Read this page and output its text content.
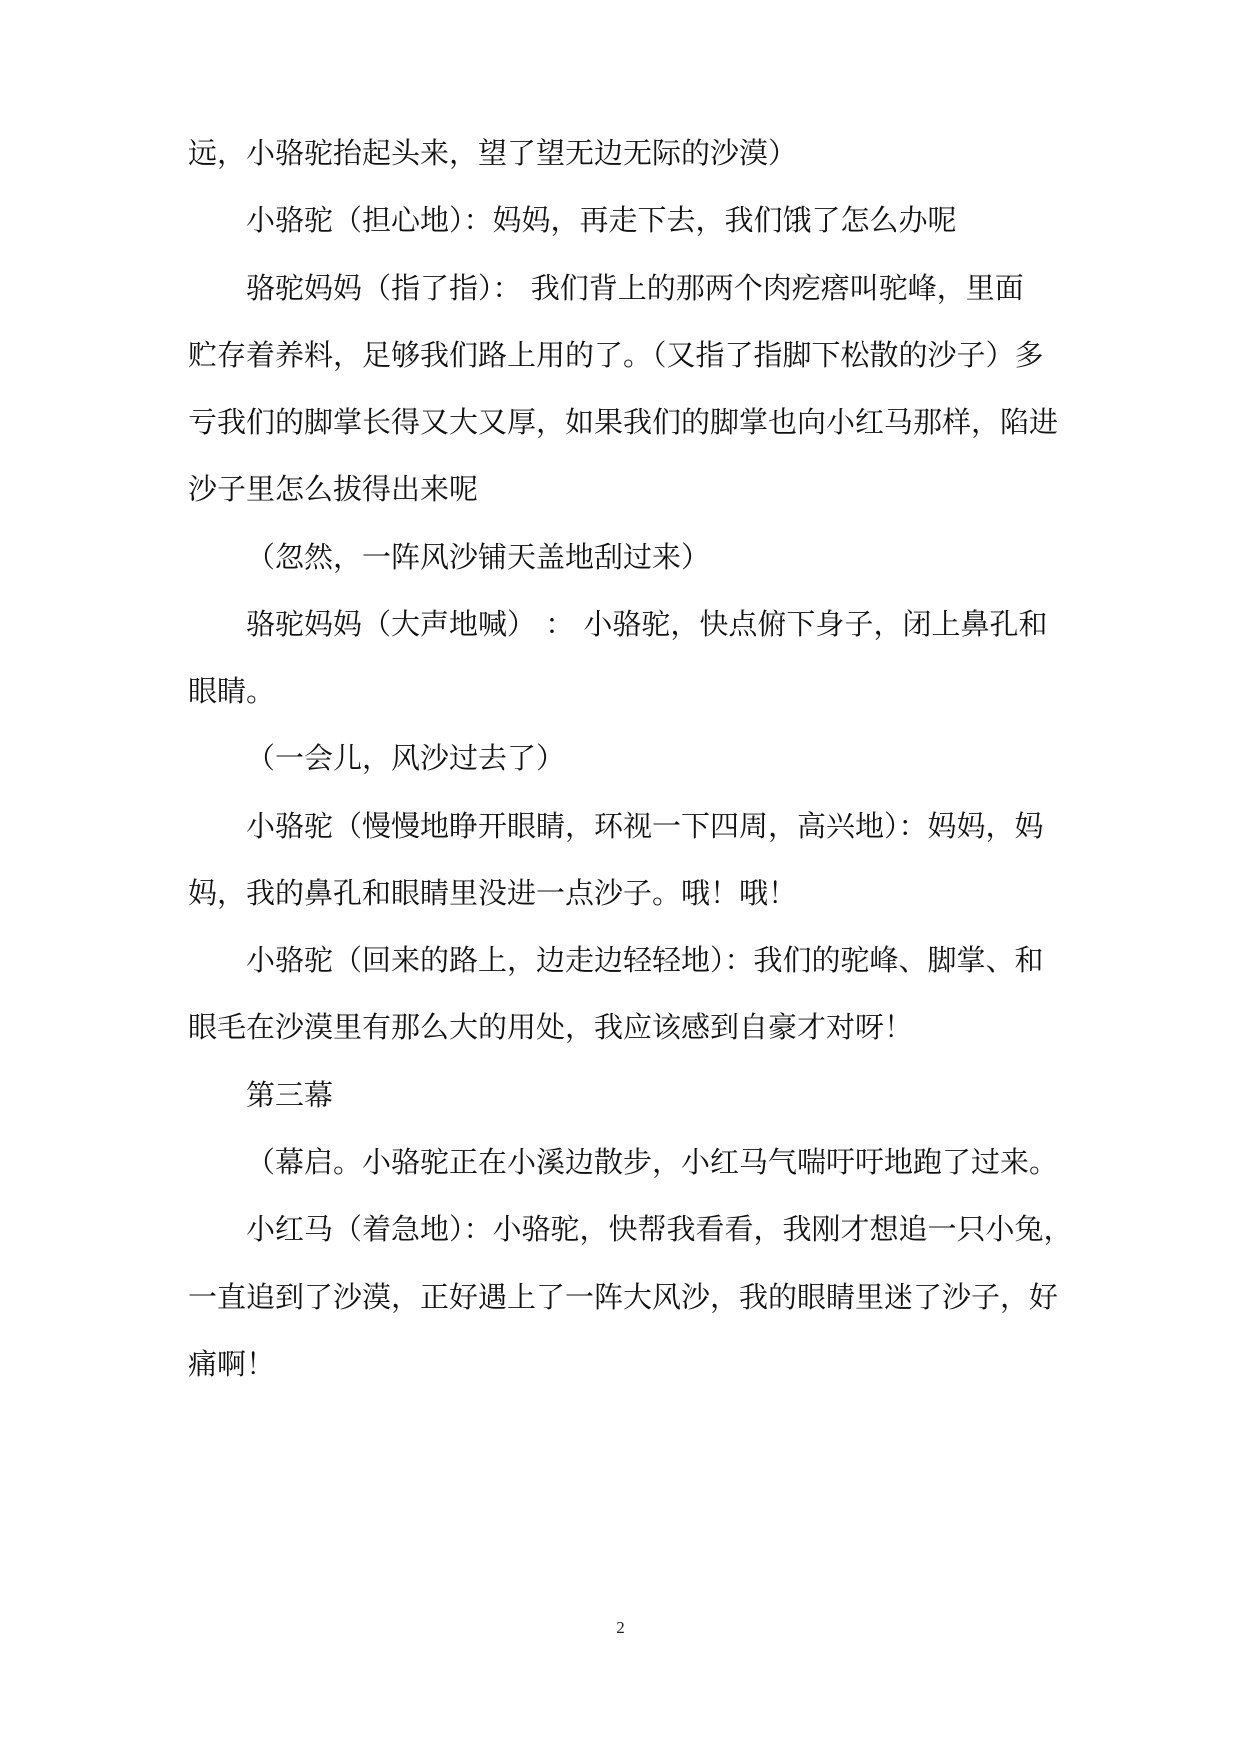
远，小骆驼抬起头来，望了望无边无际的沙漠）

小骆驼（担心地）：妈妈，再走下去，我们饿了怎么办呢

骆驼妈妈（指了指）： 我们背上的那两个肉疙瘩叫驼峰，里面

贮存着养料，足够我们路上用的了。（又指了指脚下松散的沙子）多

亏我们的脚掌长得又大又厚，如果我们的脚掌也向小红马那样，陷进

沙子里怎么拔得出来呢

（忽然，一阵风沙铺天盖地刮过来）

骆驼妈妈（大声地喊） ： 小骆驼，快点俯下身子，闭上鼻孔和

眼睛。

（一会儿，风沙过去了）

小骆驼（慢慢地睁开眼睛，环视一下四周，高兴地）：妈妈，妈

妈，我的鼻孔和眼睛里没进一点沙子。哦！哦！

小骆驼（回来的路上，边走边轻轻地）：我们的驼峰、脚掌、和

眼毛在沙漠里有那么大的用处，我应该感到自豪才对呀！

第三幕

（幕启。小骆驼正在小溪边散步，小红马气喘吁吁地跑了过来。

小红马（着急地）：小骆驼，快帮我看看，我刚才想追一只小兔，

一直追到了沙漠，正好遇上了一阵大风沙，我的眼睛里迷了沙子，好

痛啊！

2
